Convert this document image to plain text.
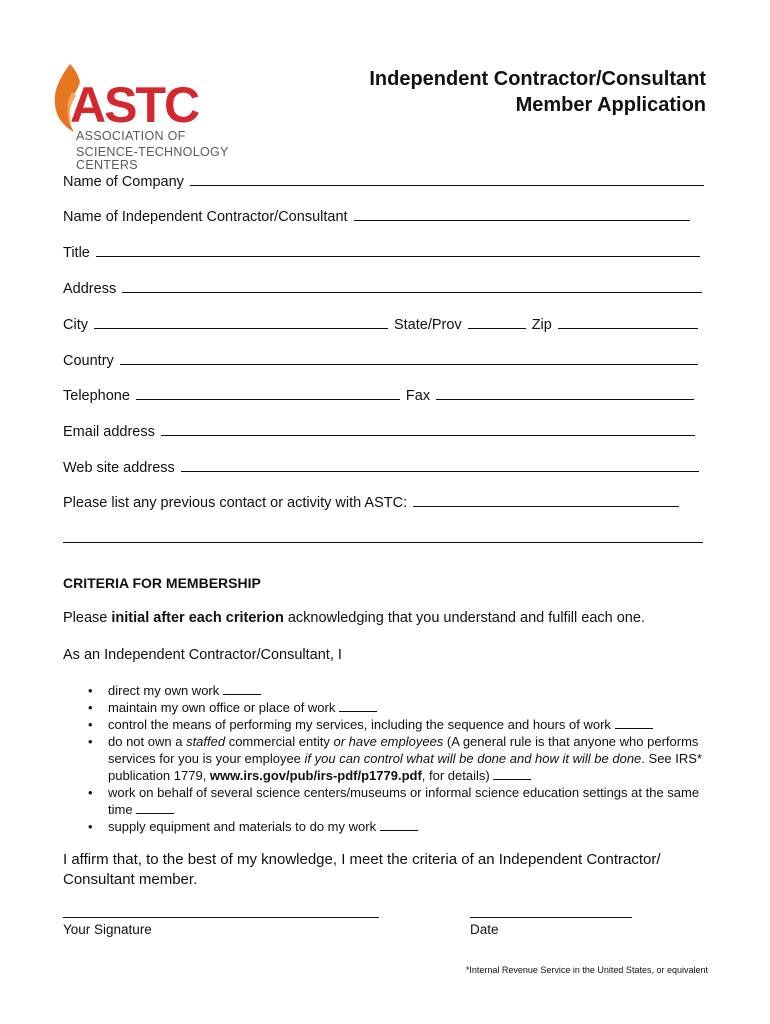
ASTC
ASSOCIATION OF
SCIENCE-TECHNOLOGY CENTERS
Independent Contractor/Consultant
Member Application
Name of Company
Name of Independent Contractor/Consultant
Title
Address
City	State/Prov	Zip
Country
Telephone	Fax
Email address
Web site address
Please list any previous contact or activity with ASTC:
CRITERIA FOR MEMBERSHIP
Please initial after each criterion acknowledging that you understand and fulfill each one.
As an Independent Contractor/Consultant, I
• direct my own work
• maintain my own office or place of work
• control the means of performing my services, including the sequence and hours of work
• do not own a staffed commercial entity or have employees (A general rule is that anyone who performs services for you is your employee if you can control what will be done and how it will be done. See IRS* publication 1779, www.irs.gov/pub/irs-pdf/p1779.pdf, for details)
• work on behalf of several science centers/museums or informal science education settings at the same time
• supply equipment and materials to do my work
I affirm that, to the best of my knowledge, I meet the criteria of an Independent Contractor/ Consultant member.
Your Signature	Date
*Internal Revenue Service in the United States, or equivalent
